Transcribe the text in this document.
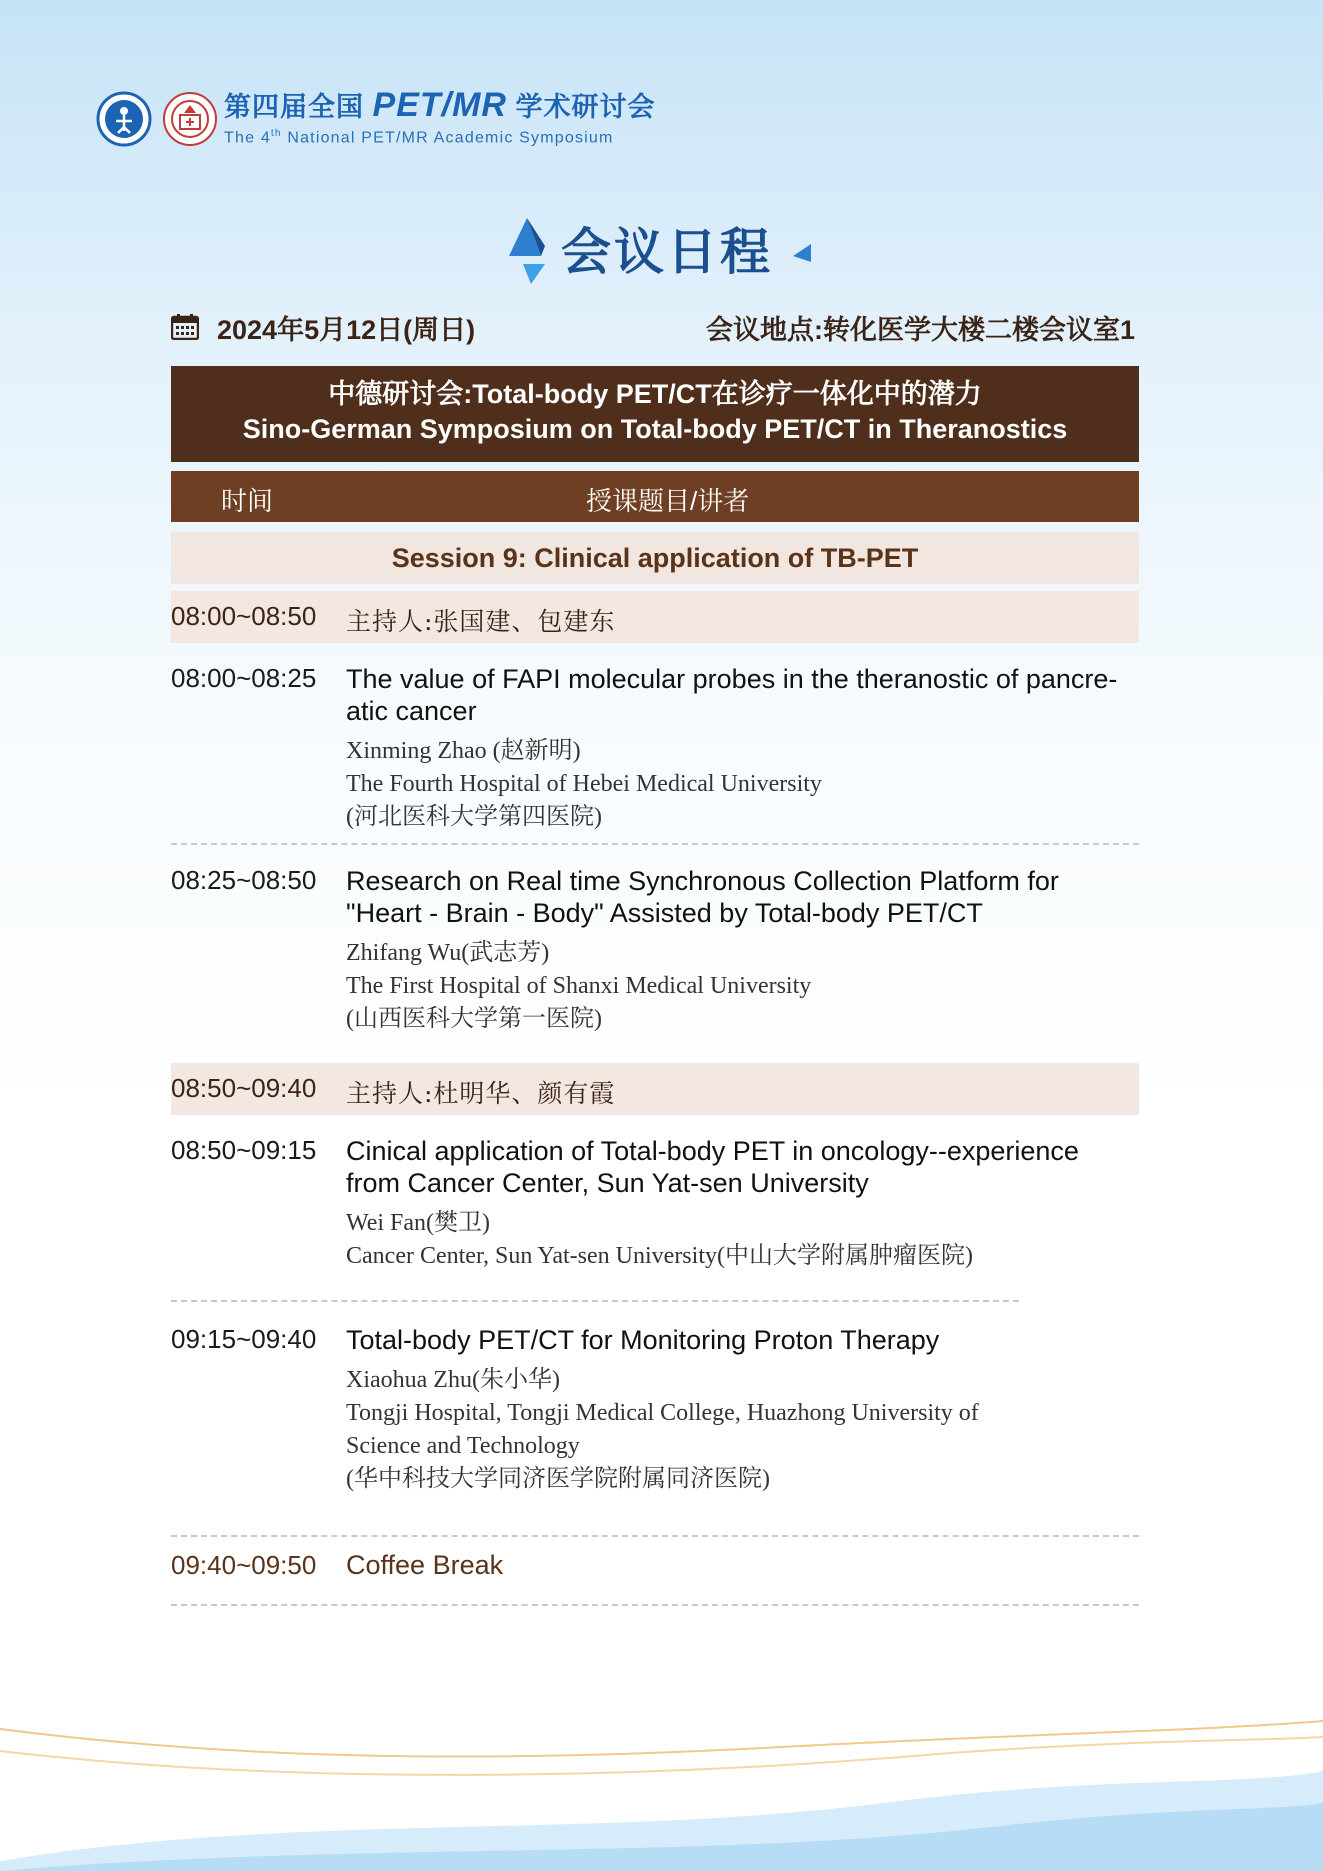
第四届全国 PET/MR 学术研讨会
The 4th National PET/MR Academic Symposium
会议日程
2024年5月12日(周日)	会议地点:转化医学大楼二楼会议室1
中德研讨会:Total-body PET/CT在诊疗一体化中的潜力
Sino-German Symposium on Total-body PET/CT in Theranostics
时间	授课题目/讲者
Session 9: Clinical application of TB-PET
08:00~08:50 主持人:张国建、包建东
08:00~08:25 The value of FAPI molecular probes in the theranostic of pancre-atic cancer
Xinming Zhao (赵新明)
The Fourth Hospital of Hebei Medical University
(河北医科大学第四医院)
08:25~08:50 Research on Real time Synchronous Collection Platform for "Heart - Brain - Body" Assisted by Total-body PET/CT
Zhifang Wu(武志芳)
The First Hospital of Shanxi Medical University
(山西医科大学第一医院)
08:50~09:40 主持人:杜明华、颜有霞
08:50~09:15 Cinical application of Total-body PET in oncology--experience from Cancer Center, Sun Yat-sen University
Wei Fan(樊卫)
Cancer Center, Sun Yat-sen University(中山大学附属肿瘤医院)
09:15~09:40 Total-body PET/CT for Monitoring Proton Therapy
Xiaohua Zhu(朱小华)
Tongji Hospital, Tongji Medical College, Huazhong University of Science and Technology
(华中科技大学同济医学院附属同济医院)
09:40~09:50 Coffee Break
